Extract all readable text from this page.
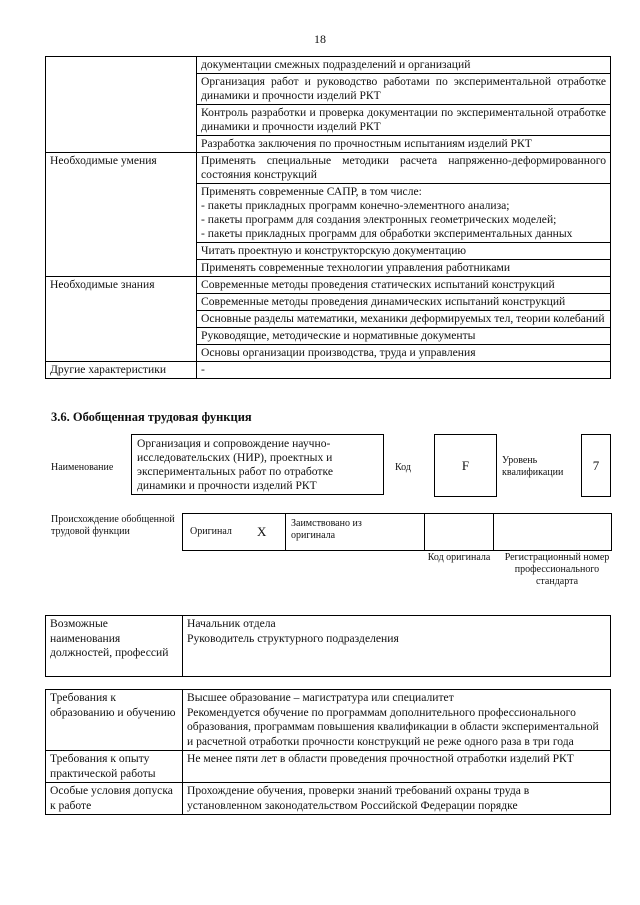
18
	документации смежных подразделений и организаций
	Организация работ и руководство работами по экспериментальной отработке динамики и прочности изделий РКТ
	Контроль разработки и проверка документации по экспериментальной отработке динамики и прочности изделий РКТ
	Разработка заключения по прочностным испытаниям изделий РКТ
Необходимые умения	Применять специальные методики расчета напряженно-деформированного состояния конструкций

	Применять современные САПР, в том числе:
- пакеты прикладных программ конечно-элементного анализа;
- пакеты программ для создания электронных геометрических моделей;
- пакеты прикладных программ для обработки экспериментальных данных

	Читать проектную и конструкторскую документацию
	Применять современные технологии управления работниками
Необходимые знания	Современные методы проведения статических испытаний конструкций
	Современные методы проведения динамических испытаний конструкций
	Основные разделы математики, механики деформируемых тел, теории колебаний
	Руководящие, методические и нормативные документы
	Основы организации производства, труда и управления
Другие характеристики	-
3.6. Обобщенная трудовая функция
Наименование
Организация и сопровождение научно-исследовательских (НИР), проектных и экспериментальных работ по отработке динамики и прочности изделий РКТ
Код	F	Уровень квалификации	7
Происхождение обобщенной трудовой функции	Оригинал X
Заимствовано из оригинала
Код оригинала	Регистрационный номер профессионального стандарта
Возможные наименования должностей, профессий	
Начальник отдела
Руководитель структурного подразделения
Требования к образованию и обучению	Высшее образование – магистратура или специалитет
Рекомендуется обучение по программам дополнительного профессионального образования, программам повышения квалификации в области экспериментальной и расчетной отработки прочности конструкций не реже одного раза в три года

Требования к опыту практической работы	Не менее пяти лет в области проведения прочностной отработки изделий РКТ
Особые условия допуска к работе	Прохождение обучения, проверки знаний требований охраны труда в установленном законодательством Российской Федерации порядке
